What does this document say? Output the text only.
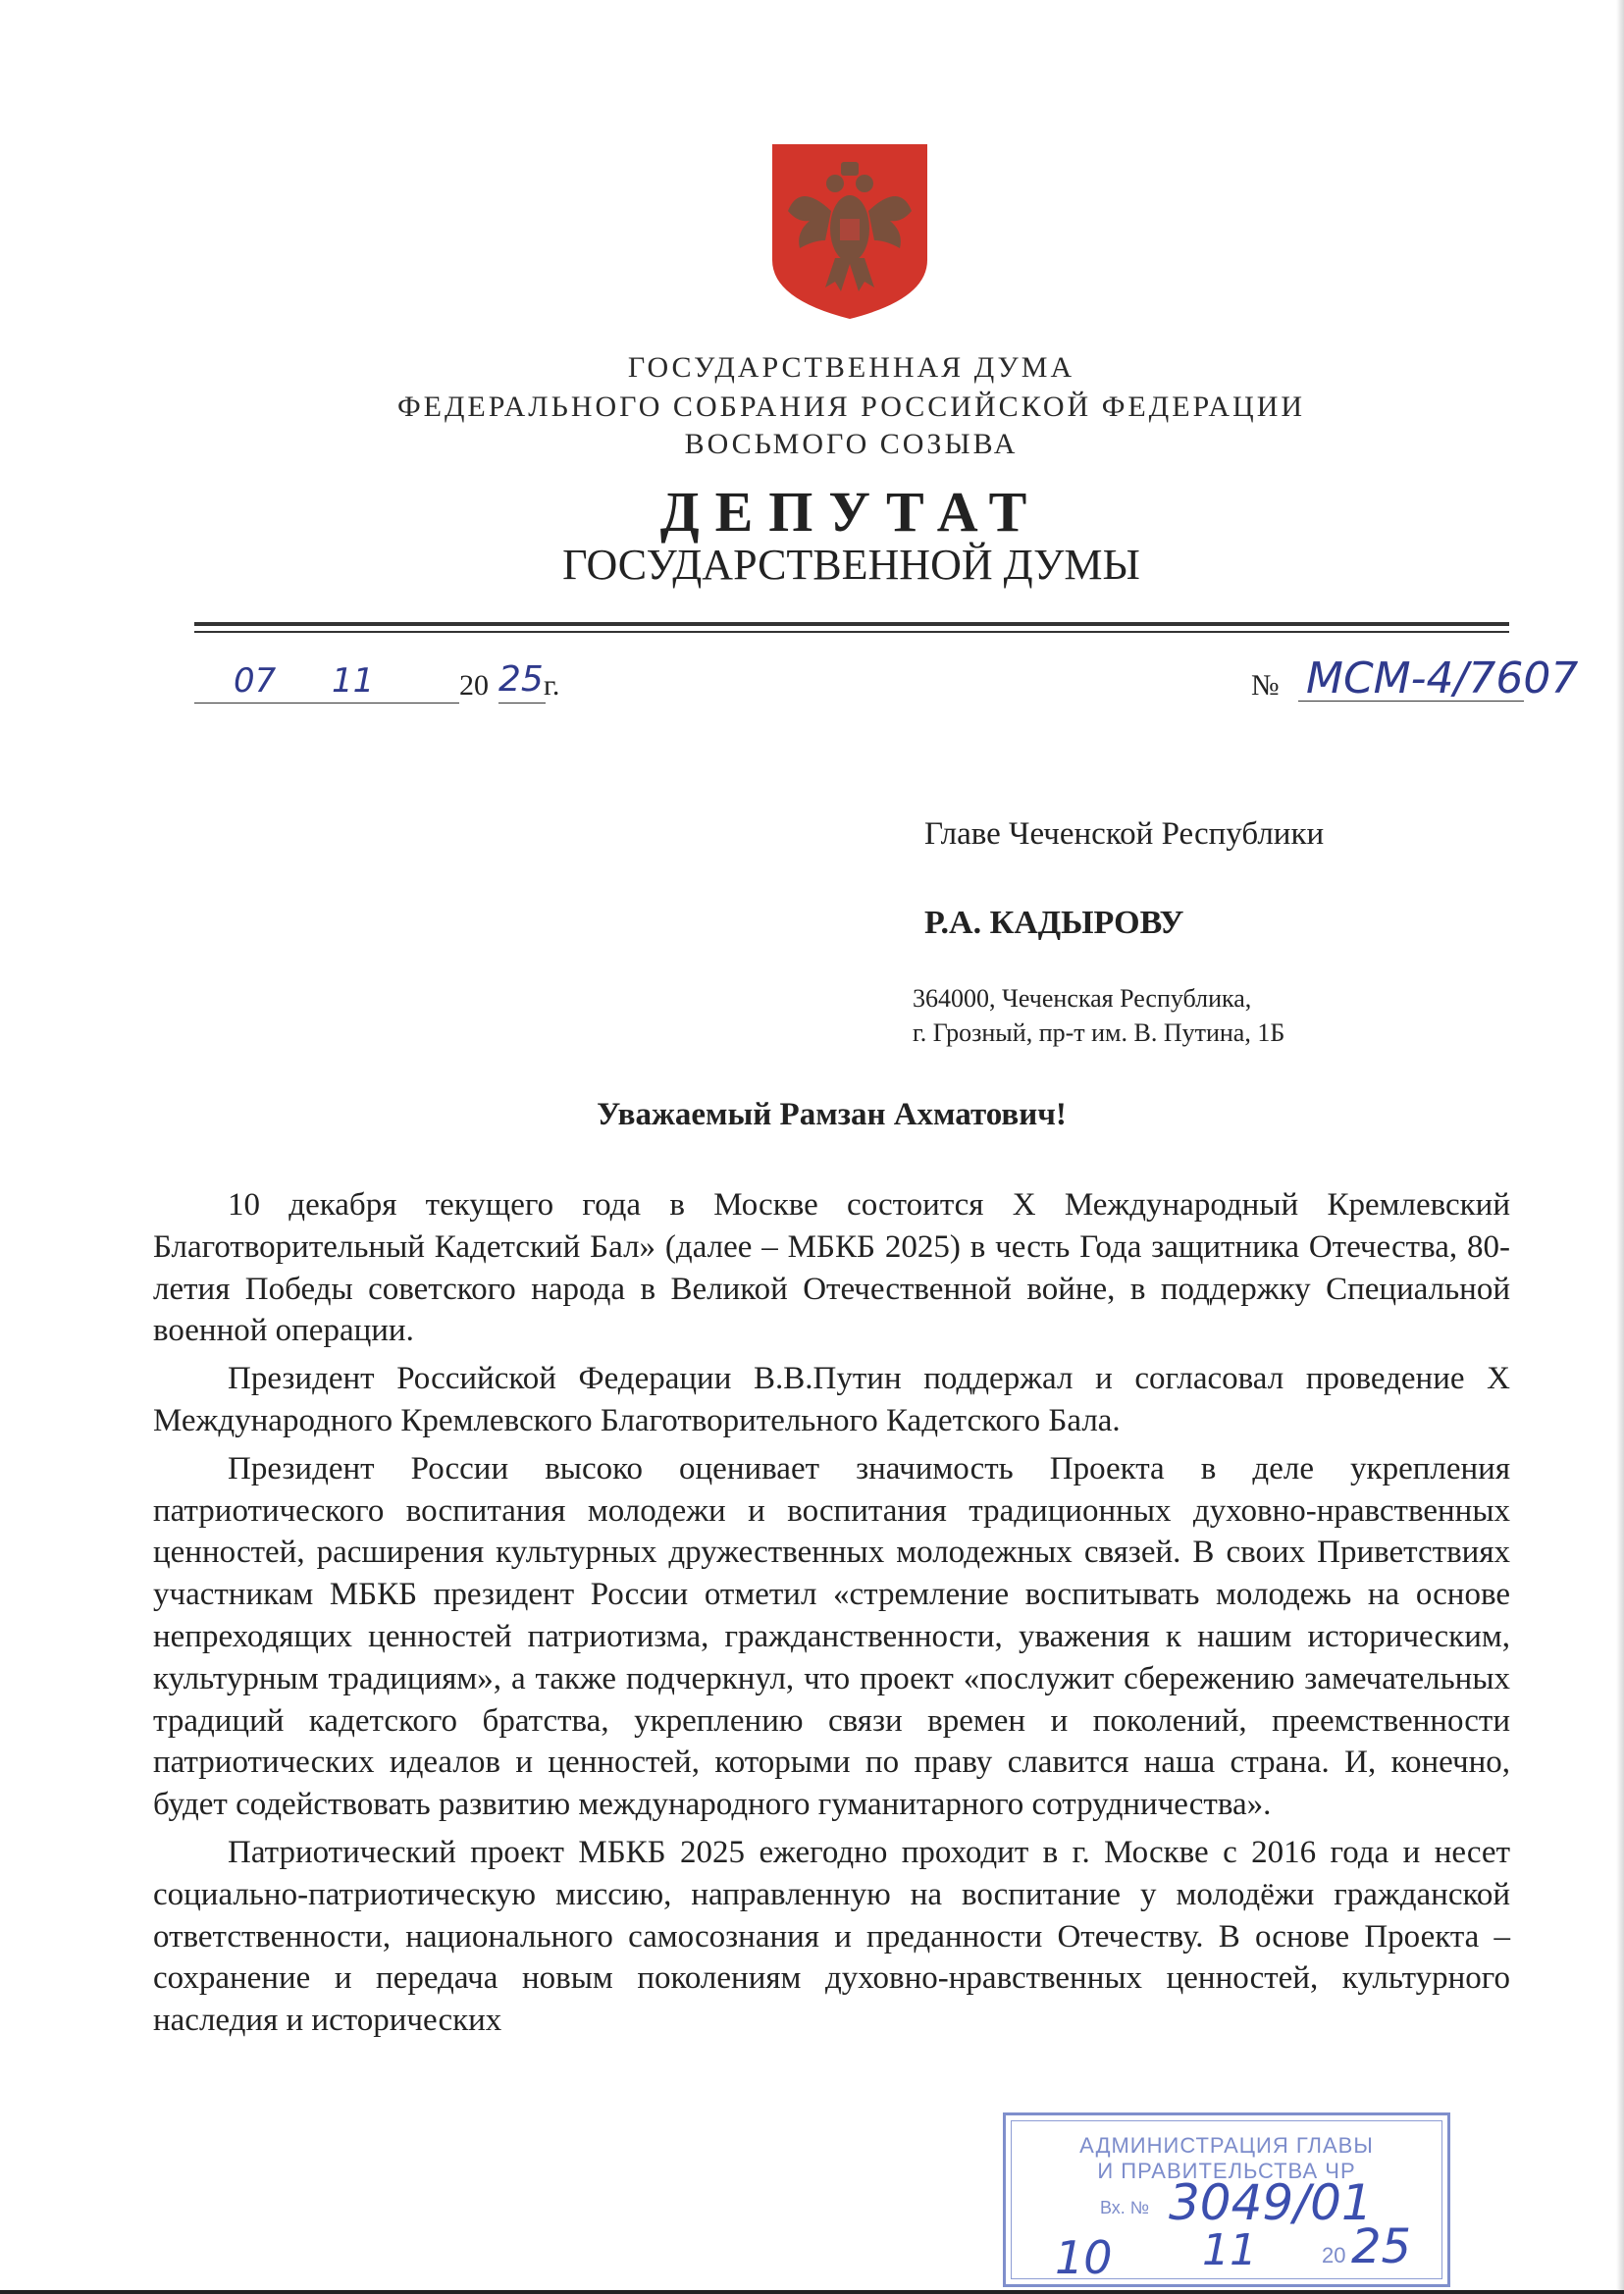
ГОСУДАРСТВЕННАЯ ДУМА
ФЕДЕРАЛЬНОГО СОБРАНИЯ РОССИЙСКОЙ ФЕДЕРАЦИИ
ВОСЬМОГО СОЗЫВА
ДЕПУТАТ
ГОСУДАРСТВЕННОЙ ДУМЫ
07 11	20 25 г.	№ МСМ-4/7607
Главе Чеченской Республики
Р.А. КАДЫРОВУ
364000, Чеченская Республика,
г. Грозный, пр-т им. В. Путина, 1Б
Уважаемый Рамзан Ахматович!

10 декабря текущего года в Москве состоится X Международный Кремлевский Благотворительный Кадетский Бал» (далее – МБКБ 2025) в честь Года защитника Отечества, 80-летия Победы советского народа в Великой Отечественной войне, в поддержку Специальной военной операции.

Президент Российской Федерации В.В.Путин поддержал и согласовал проведение X Международного Кремлевского Благотворительного Кадетского Бала.

Президент России высоко оценивает значимость Проекта в деле укрепления патриотического воспитания молодежи и воспитания традиционных духовно-нравственных ценностей, расширения культурных дружественных молодежных связей. В своих Приветствиях участникам МБКБ президент России отметил «стремление воспитывать молодежь на основе непреходящих ценностей патриотизма, гражданственности, уважения к нашим историческим, культурным традициям», а также подчеркнул, что проект «послужит сбережению замечательных традиций кадетского братства, укреплению связи времен и поколений, преемственности патриотических идеалов и ценностей, которыми по праву славится наша страна. И, конечно, будет содействовать развитию международного гуманитарного сотрудничества».

Патриотический проект МБКБ 2025 ежегодно проходит в г. Москве с 2016 года и несет социально-патриотическую миссию, направленную на воспитание у молодёжи гражданской ответственности, национального самосознания и преданности Отечеству. В основе Проекта – сохранение и передача новым поколениям духовно-нравственных ценностей, культурного наследия и исторических

АДМИНИСТРАЦИЯ ГЛАВЫ
И ПРАВИТЕЛЬСТВА ЧР
Вх. № 3049/01
10 11	20 25
